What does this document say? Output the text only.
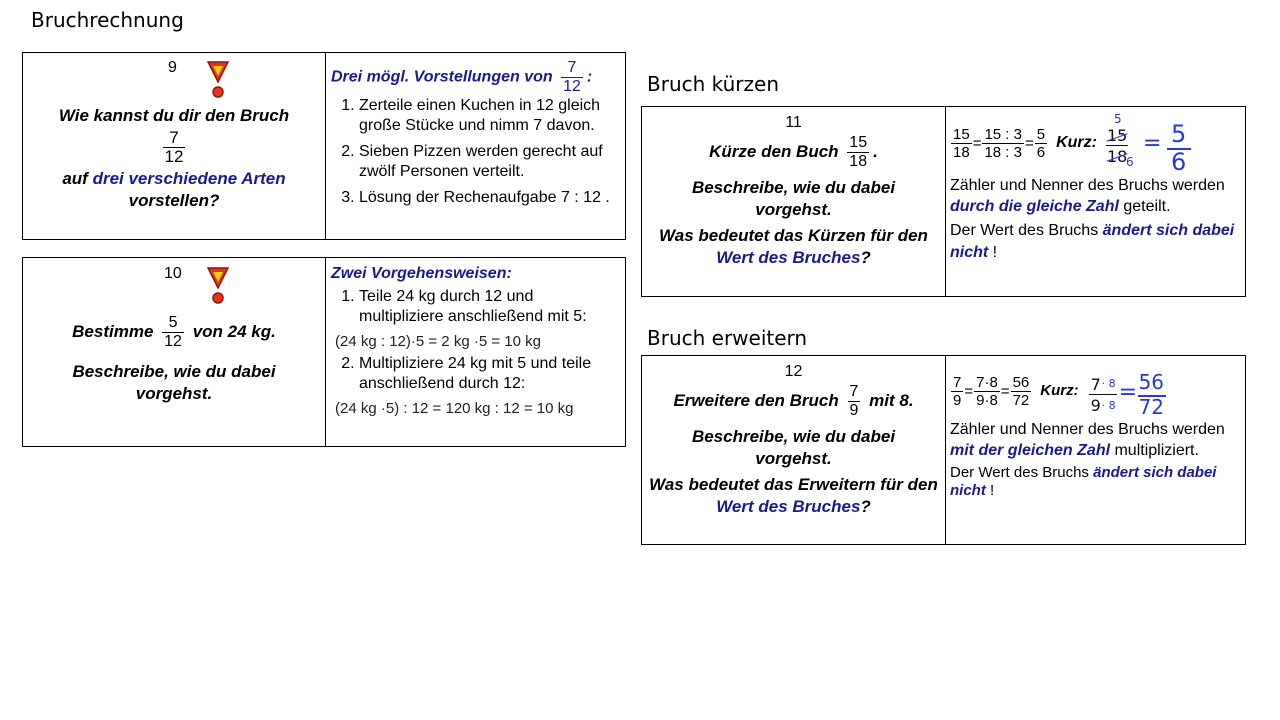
Bruchrechnung
Bruch kürzen
Bruch erweitern
9
Wie kannst du dir den Bruch
$\frac{7}{12}$
auf drei verschiedene Arten
vorstellen?
Drei mögl. Vorstellungen von $\frac{7}{12}$ :
1. Zerteile einen Kuchen in 12 gleich große Stücke und nimm 7 davon.
2. Sieben Pizzen werden gerecht auf zwölf Personen verteilt.
3. Lösung der Rechenaufgabe 7 : 12 .
10
Bestimme $\frac{5}{12}$ von 24 kg.
Beschreibe, wie du dabei vorgehst.
Zwei Vorgehensweisen:
1. Teile 24 kg durch 12 und multipliziere anschließend mit 5:
(24 kg : 12)·5 = 2 kg ·5 = 10 kg
2. Multipliziere 24 kg mit 5 und teile anschließend durch 12:
(24 kg ·5) : 12 = 120 kg : 12 = 10 kg
11
Kürze den Buch $\frac{15}{18}$ .
Beschreibe, wie du dabei vorgehst.
Was bedeutet das Kürzen für den Wert des Bruches?
$\frac{15}{18} = \frac{15 : 3}{18 : 3} = \frac{5}{6}$ Kurz:
5
15
18
6
= 5
6
Zähler und Nenner des Bruchs werden durch die gleiche Zahl geteilt.
Der Wert des Bruchs ändert sich dabei nicht !
12
Erweitere den Bruch $\frac{7}{9}$ mit 8.
Beschreibe, wie du dabei vorgehst.
Was bedeutet das Erweitern für den Wert des Bruches?
$\frac{7}{9} = \frac{7\cdot 8}{9\cdot 8} = \frac{56}{72}$ Kurz: 7 · 8
9 · 8
= 56
72
Zähler und Nenner des Bruchs werden mit der gleichen Zahl multipliziert.
Der Wert des Bruchs ändert sich dabei nicht !
